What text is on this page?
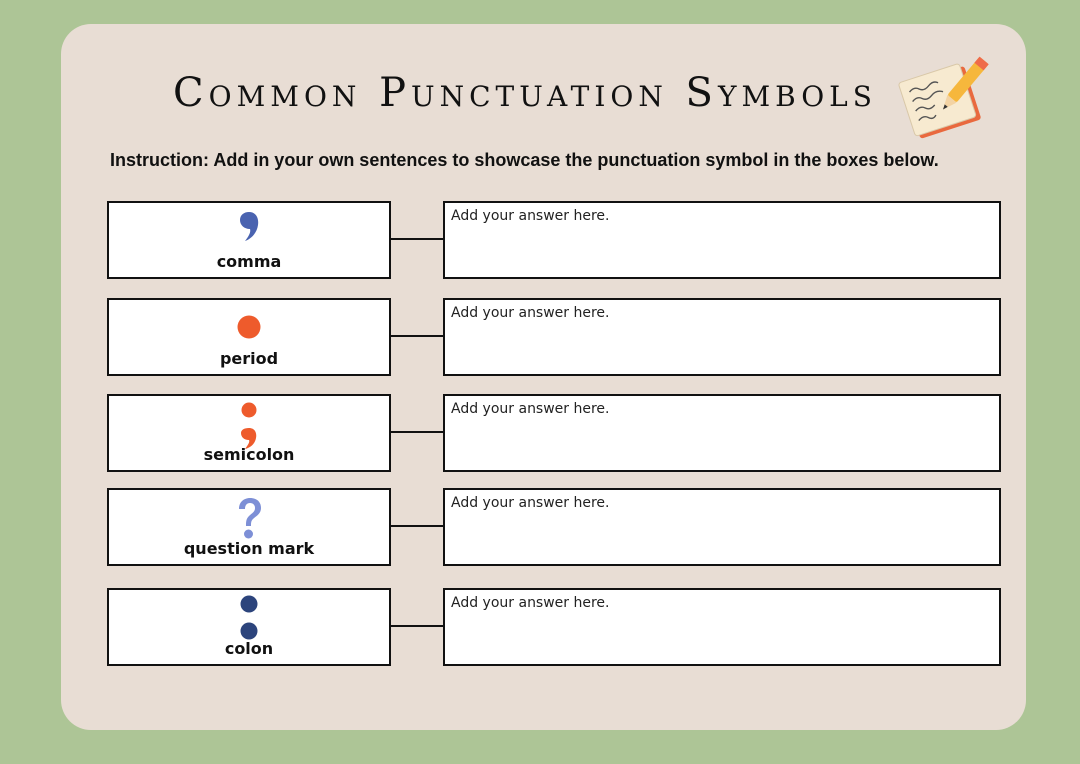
Common Punctuation Symbols
Instruction: Add in your own sentences to showcase the punctuation symbol in the boxes below.
comma
Add your answer here.
period
Add your answer here.
semicolon
Add your answer here.
question mark
Add your answer here.
colon
Add your answer here.
